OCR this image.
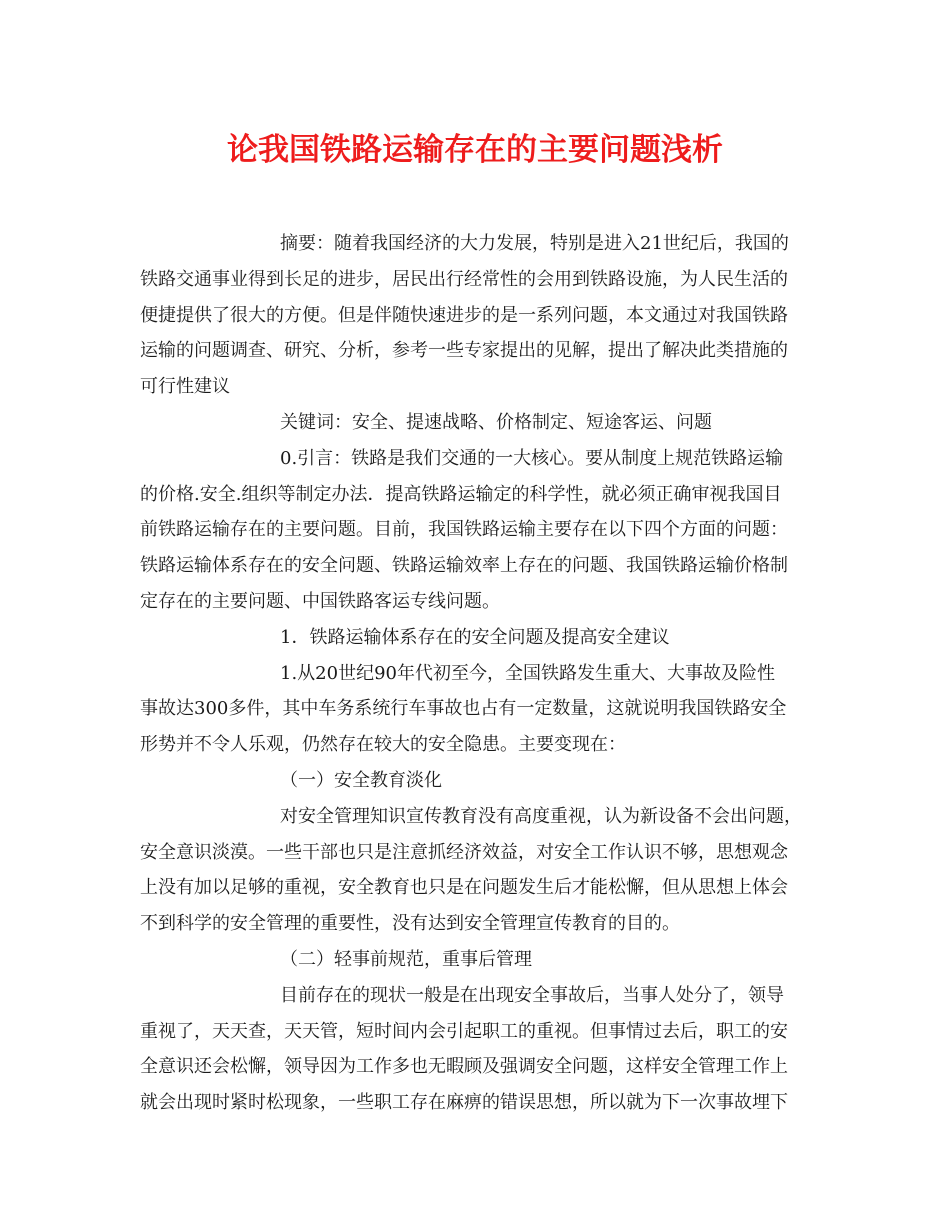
论我国铁路运输存在的主要问题浅析

摘要：随着我国经济的大力发展，特别是进入21世纪后，我国的
铁路交通事业得到长足的进步，居民出行经常性的会用到铁路设施，为人民生活的
便捷提供了很大的方便。但是伴随快速进步的是一系列问题，本文通过对我国铁路
运输的问题调查、研究、分析，参考一些专家提出的见解，提出了解决此类措施的
可行性建议

关键词：安全、提速战略、价格制定、短途客运、问题

0.引言：铁路是我们交通的一大核心。要从制度上规范铁路运输
的价格.安全.组织等制定办法．提高铁路运输定的科学性，就必须正确审视我国目
前铁路运输存在的主要问题。目前，我国铁路运输主要存在以下四个方面的问题：
铁路运输体系存在的安全问题、铁路运输效率上存在的问题、我国铁路运输价格制
定存在的主要问题、中国铁路客运专线问题。

1．铁路运输体系存在的安全问题及提高安全建议

1.从20世纪90年代初至今，全国铁路发生重大、大事故及险性
事故达300多件，其中车务系统行车事故也占有一定数量，这就说明我国铁路安全
形势并不令人乐观，仍然存在较大的安全隐患。主要变现在：

（一）安全教育淡化

对安全管理知识宣传教育没有高度重视，认为新设备不会出问题，
安全意识淡漠。一些干部也只是注意抓经济效益，对安全工作认识不够，思想观念
上没有加以足够的重视，安全教育也只是在问题发生后才能松懈，但从思想上体会
不到科学的安全管理的重要性，没有达到安全管理宣传教育的目的。

（二）轻事前规范，重事后管理

目前存在的现状一般是在出现安全事故后，当事人处分了，领导
重视了，天天查，天天管，短时间内会引起职工的重视。但事情过去后，职工的安
全意识还会松懈，领导因为工作多也无暇顾及强调安全问题，这样安全管理工作上
就会出现时紧时松现象，一些职工存在麻痹的错误思想，所以就为下一次事故埋下
